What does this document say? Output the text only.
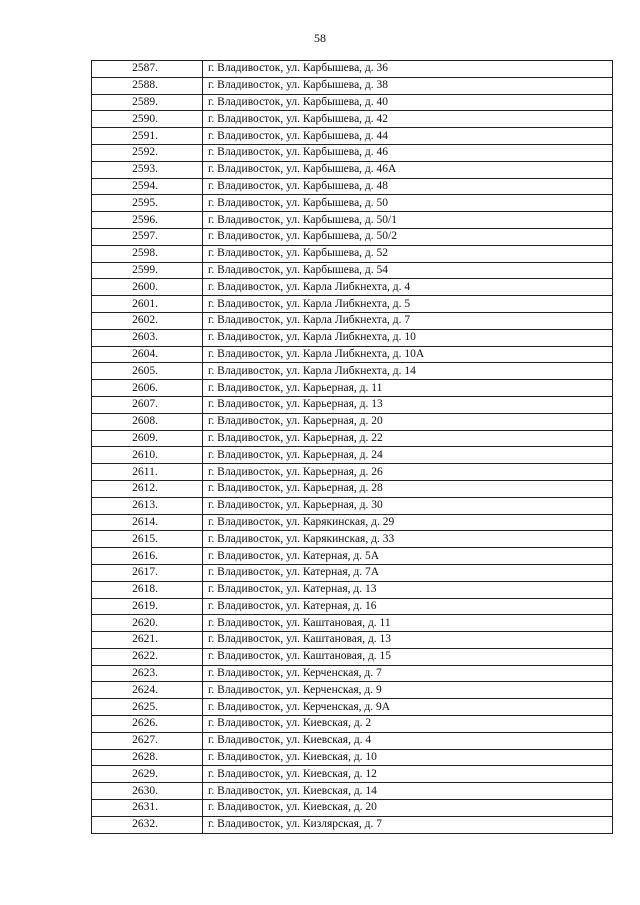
58
2587.	г. Владивосток, ул. Карбышева, д. 36
2588.	г. Владивосток, ул. Карбышева, д. 38
2589.	г. Владивосток, ул. Карбышева, д. 40
2590.	г. Владивосток, ул. Карбышева, д. 42
2591.	г. Владивосток, ул. Карбышева, д. 44
2592.	г. Владивосток, ул. Карбышева, д. 46
2593.	г. Владивосток, ул. Карбышева, д. 46А
2594.	г. Владивосток, ул. Карбышева, д. 48
2595.	г. Владивосток, ул. Карбышева, д. 50
2596.	г. Владивосток, ул. Карбышева, д. 50/1
2597.	г. Владивосток, ул. Карбышева, д. 50/2
2598.	г. Владивосток, ул. Карбышева, д. 52
2599.	г. Владивосток, ул. Карбышева, д. 54
2600.	г. Владивосток, ул. Карла Либкнехта, д. 4
2601.	г. Владивосток, ул. Карла Либкнехта, д. 5
2602.	г. Владивосток, ул. Карла Либкнехта, д. 7
2603.	г. Владивосток, ул. Карла Либкнехта, д. 10
2604.	г. Владивосток, ул. Карла Либкнехта, д. 10А
2605.	г. Владивосток, ул. Карла Либкнехта, д. 14
2606.	г. Владивосток, ул. Карьерная, д. 11
2607.	г. Владивосток, ул. Карьерная, д. 13
2608.	г. Владивосток, ул. Карьерная, д. 20
2609.	г. Владивосток, ул. Карьерная, д. 22
2610.	г. Владивосток, ул. Карьерная, д. 24
2611.	г. Владивосток, ул. Карьерная, д. 26
2612.	г. Владивосток, ул. Карьерная, д. 28
2613.	г. Владивосток, ул. Карьерная, д. 30
2614.	г. Владивосток, ул. Карякинская, д. 29
2615.	г. Владивосток, ул. Карякинская, д. 33
2616.	г. Владивосток, ул. Катерная, д. 5А
2617.	г. Владивосток, ул. Катерная, д. 7А
2618.	г. Владивосток, ул. Катерная, д. 13
2619.	г. Владивосток, ул. Катерная, д. 16
2620.	г. Владивосток, ул. Каштановая, д. 11
2621.	г. Владивосток, ул. Каштановая, д. 13
2622.	г. Владивосток, ул. Каштановая, д. 15
2623.	г. Владивосток, ул. Керченская, д. 7
2624.	г. Владивосток, ул. Керченская, д. 9
2625.	г. Владивосток, ул. Керченская, д. 9А
2626.	г. Владивосток, ул. Киевская, д. 2
2627.	г. Владивосток, ул. Киевская, д. 4
2628.	г. Владивосток, ул. Киевская, д. 10
2629.	г. Владивосток, ул. Киевская, д. 12
2630.	г. Владивосток, ул. Киевская, д. 14
2631.	г. Владивосток, ул. Киевская, д. 20
2632.	г. Владивосток, ул. Кизлярская, д. 7
